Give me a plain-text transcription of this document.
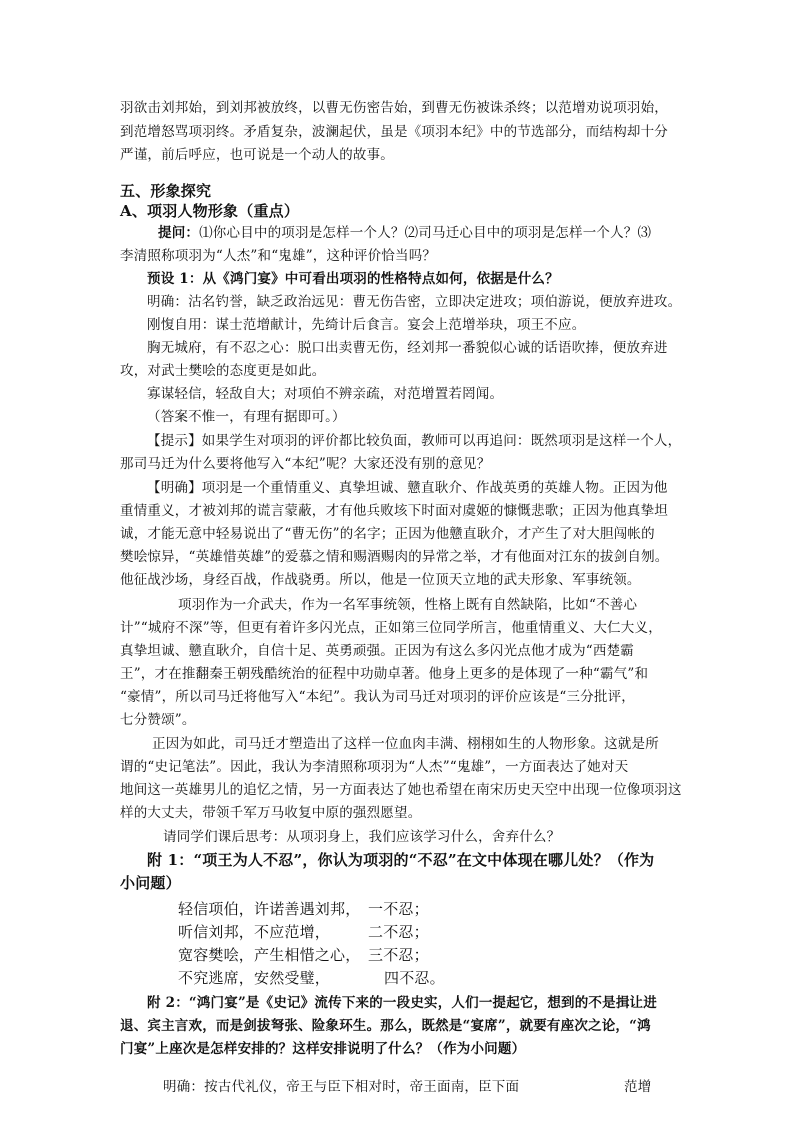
羽欲击刘邦始，到刘邦被放终，以曹无伤密告始，到曹无伤被诛杀终；以范增劝说项羽始，
到范增怒骂项羽终。矛盾复杂，波澜起伏，虽是《项羽本纪》中的节选部分，而结构却十分
严谨，前后呼应，也可说是一个动人的故事。
五、形象探究
A、项羽人物形象（重点）
提问：⑴你心目中的项羽是怎样一个人？⑵司马迁心目中的项羽是怎样一个人？⑶
李清照称项羽为“人杰”和“鬼雄”，这种评价恰当吗？
预设 1：从《鸿门宴》中可看出项羽的性格特点如何，依据是什么？
明确：沽名钓誉，缺乏政治远见：曹无伤告密，立即决定进攻；项伯游说，便放弃进攻。
刚愎自用：谋士范增献计，先绮计后食言。宴会上范增举玦，项王不应。
胸无城府，有不忍之心：脱口出卖曹无伤，经刘邦一番貌似心诚的话语吹捧，便放弃进
攻，对武士樊哙的态度更是如此。
寡谋轻信，轻敌自大；对项伯不辨亲疏，对范增置若罔闻。
（答案不惟一，有理有据即可。）
【提示】如果学生对项羽的评价都比较负面，教师可以再追问：既然项羽是这样一个人，
那司马迁为什么要将他写入“本纪”呢？大家还没有别的意见？
【明确】项羽是一个重情重义、真挚坦诚、戆直耿介、作战英勇的英雄人物。正因为他
重情重义，才被刘邦的谎言蒙蔽，才有他兵败垓下时面对虞姬的慷慨悲歌；正因为他真挚坦
诚，才能无意中轻易说出了“曹无伤”的名字；正因为他戆直耿介，才产生了对大胆闯帐的
樊哙惊异，“英雄惜英雄”的爱慕之情和赐酒赐肉的异常之举，才有他面对江东的拔剑自刎。
他征战沙场，身经百战，作战骁勇。所以，他是一位顶天立地的武夫形象、军事统领。
项羽作为一介武夫，作为一名军事统领，性格上既有自然缺陷，比如“不善心
计”“城府不深”等，但更有着许多闪光点，正如第三位同学所言，他重情重义、大仁大义，
真挚坦诚、戆直耿介，自信十足、英勇顽强。正因为有这么多闪光点他才成为“西楚霸
王”，才在推翻秦王朝残酷统治的征程中功勋卓著。他身上更多的是体现了一种“霸气”和
“豪情”，所以司马迁将他写入“本纪”。我认为司马迁对项羽的评价应该是“三分批评，
七分赞颂”。
正因为如此，司马迁才塑造出了这样一位血肉丰满、栩栩如生的人物形象。这就是所
谓的“史记笔法”。因此，我认为李清照称项羽为“人杰”“鬼雄”，一方面表达了她对天
地间这一英雄男儿的追忆之情，另一方面表达了她也希望在南宋历史天空中出现一位像项羽这
样的大丈夫，带领千军万马收复中原的强烈愿望。
请同学们课后思考：从项羽身上，我们应该学习什么，舍弃什么？
附 1：“项王为人不忍”，你认为项羽的“不忍”在文中体现在哪儿处？（作为
小问题）
轻信项伯，许诺善遇刘邦， 一不忍；
听信刘邦，不应范增，	二不忍；
宽容樊哙，产生相惜之心， 三不忍；
不究逃席，安然受璧，	四不忍。
附 2：“鸿门宴”是《史记》流传下来的一段史实，人们一提起它，想到的不是揖让进
退、宾主言欢，而是剑拔弩张、险象环生。那么，既然是“宴席”，就要有座次之论，“鸿
门宴”上座次是怎样安排的？这样安排说明了什么？（作为小问题）
明确：按古代礼仪，帝王与臣下相对时，帝王面南，臣下面	范增
